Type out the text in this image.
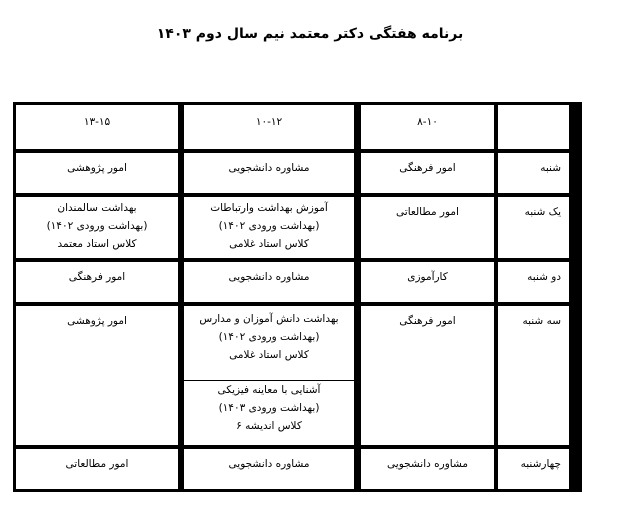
برنامه هفتگی دکتر معتمد نیم سال دوم ۱۴۰۳
۸-۱۰
۱۰-۱۲
۱۳-۱۵
شنبه
امور فرهنگی
مشاوره دانشجویی
امور پژوهشی
یک شنبه
امور مطالعاتی
آموزش بهداشت وارتباطات
(بهداشت ورودی ۱۴۰۲)
کلاس استاد غلامی
بهداشت سالمندان
(بهداشت ورودی ۱۴۰۲)
کلاس استاد معتمد
دو شنبه
کارآموزی
مشاوره دانشجویی
امور فرهنگی
سه شنبه
امور فرهنگی
بهداشت دانش آموزان و مدارس
(بهداشت ورودی ۱۴۰۲)
کلاس استاد غلامی
آشنایی با معاینه فیزیکی
(بهداشت ورودی ۱۴۰۳)
کلاس اندیشه ۶
امور پژوهشی
چهارشنبه
مشاوره دانشجویی
مشاوره دانشجویی
امور مطالعاتی
